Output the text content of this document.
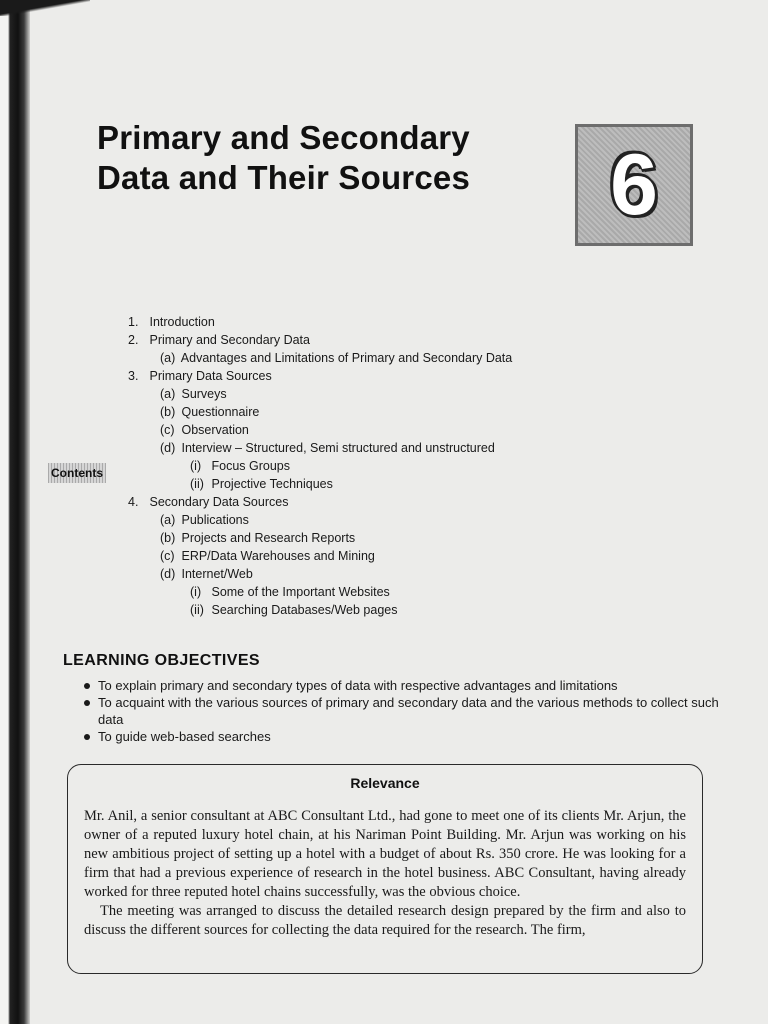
Primary and Secondary
Data and Their Sources 6
Contents
1. Introduction
2. Primary and Secondary Data
(a) Advantages and Limitations of Primary and Secondary Data
3. Primary Data Sources
(a) Surveys
(b) Questionnaire
(c) Observation
(d) Interview – Structured, Semi structured and unstructured
(i) Focus Groups
(ii) Projective Techniques
4. Secondary Data Sources
(a) Publications
(b) Projects and Research Reports
(c) ERP/Data Warehouses and Mining
(d) Internet/Web
(i) Some of the Important Websites
(ii) Searching Databases/Web pages
LEARNING OBJECTIVES
To explain primary and secondary types of data with respective advantages and limitations
To acquaint with the various sources of primary and secondary data and the various methods to collect such data
To guide web-based searches
Relevance

Mr. Anil, a senior consultant at ABC Consultant Ltd., had gone to meet one of its clients Mr. Arjun, the owner of a reputed luxury hotel chain, at his Nariman Point Building. Mr. Arjun was working on his new ambitious project of setting up a hotel with a budget of about Rs. 350 crore. He was looking for a firm that had a previous experience of research in the hotel business. ABC Consultant, having already worked for three reputed hotel chains successfully, was the obvious choice.

The meeting was arranged to discuss the detailed research design prepared by the firm and also to discuss the different sources for collecting the data required for the research. The firm,
